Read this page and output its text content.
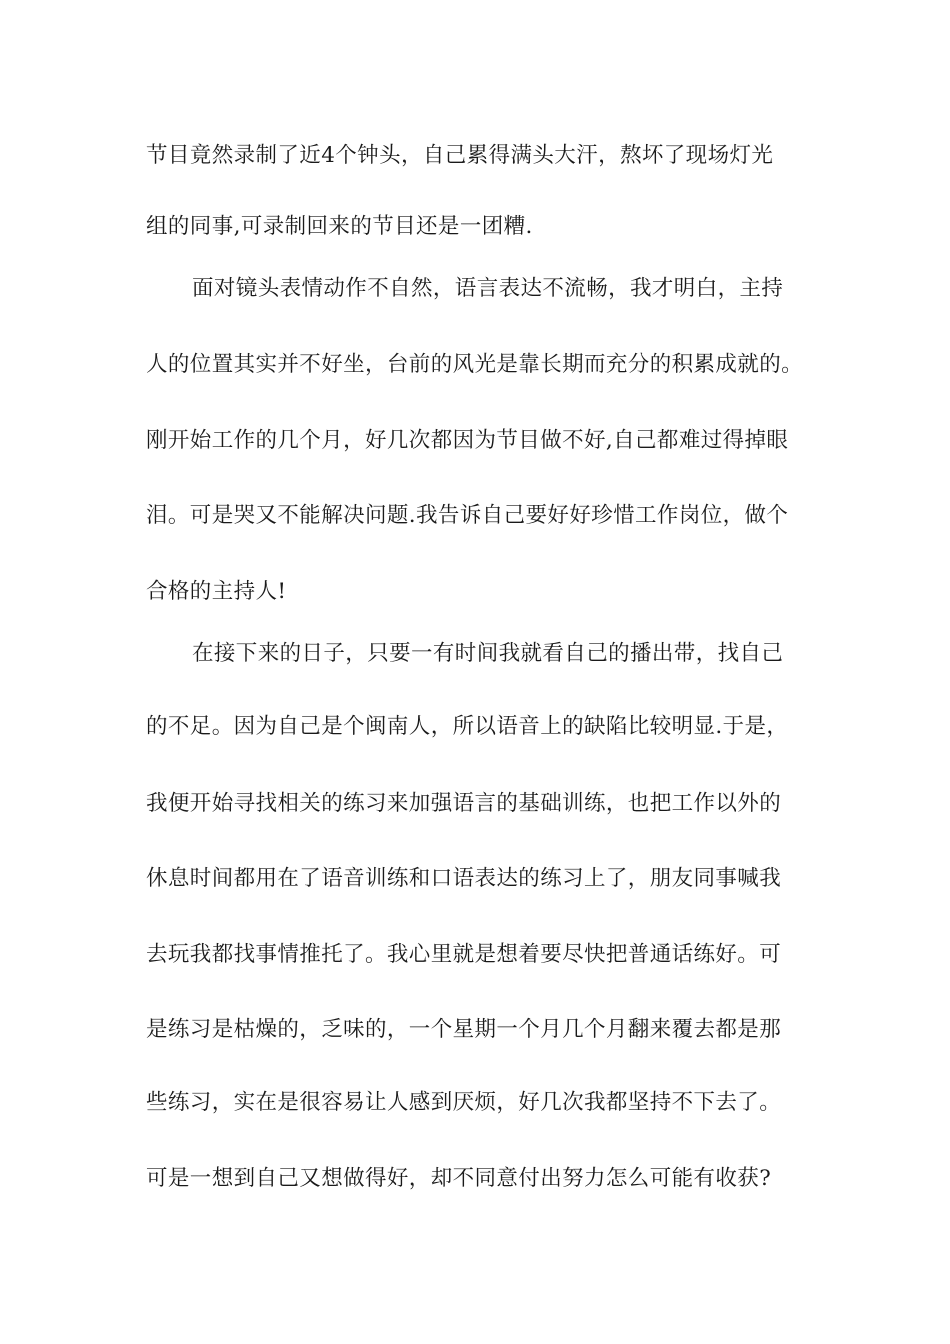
节目竟然录制了近4个钟头，自己累得满头大汗，熬坏了现场灯光
组的同事,可录制回来的节目还是一团糟.
面对镜头表情动作不自然，语言表达不流畅，我才明白，主持
人的位置其实并不好坐，台前的风光是靠长期而充分的积累成就的。
刚开始工作的几个月，好几次都因为节目做不好,自己都难过得掉眼
泪。可是哭又不能解决问题.我告诉自己要好好珍惜工作岗位，做个
合格的主持人!
在接下来的日子，只要一有时间我就看自己的播出带，找自己
的不足。因为自己是个闽南人，所以语音上的缺陷比较明显.于是，
我便开始寻找相关的练习来加强语言的基础训练，也把工作以外的
休息时间都用在了语音训练和口语表达的练习上了，朋友同事喊我
去玩我都找事情推托了。我心里就是想着要尽快把普通话练好。可
是练习是枯燥的，乏味的，一个星期一个月几个月翻来覆去都是那
些练习，实在是很容易让人感到厌烦，好几次我都坚持不下去了。
可是一想到自己又想做得好，却不同意付出努力怎么可能有收获?
